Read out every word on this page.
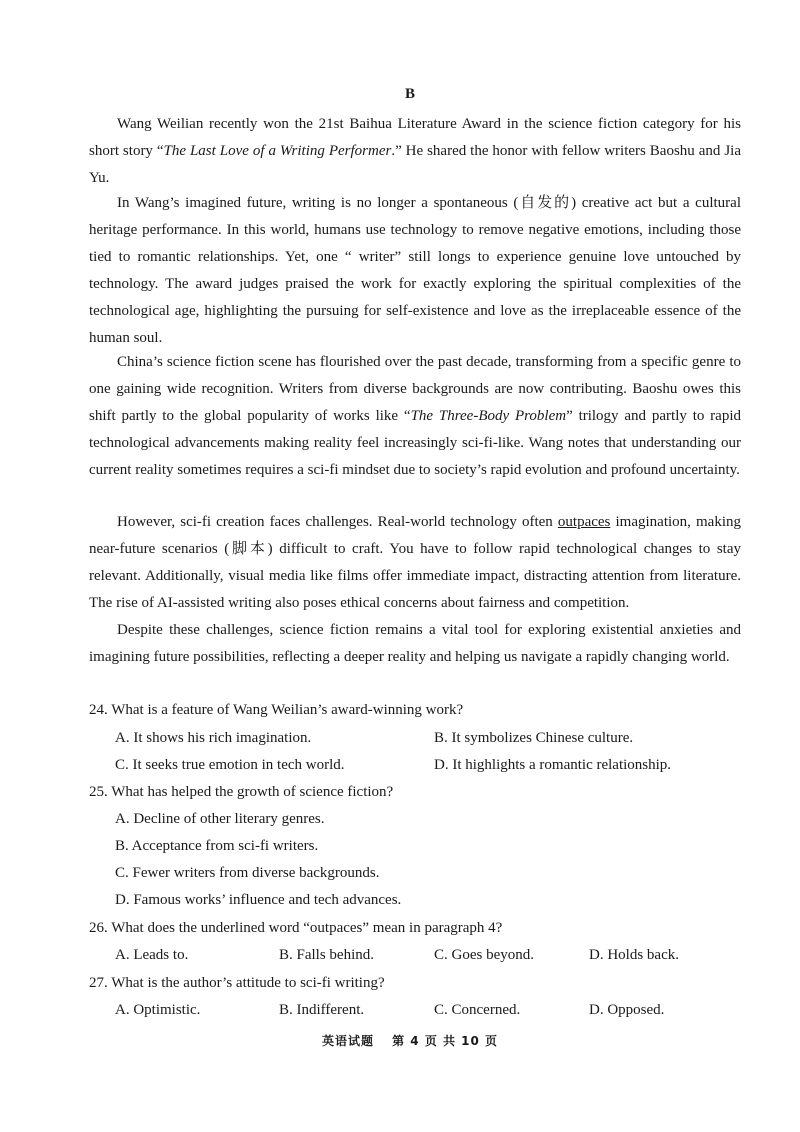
B

Wang Weilian recently won the 21st Baihua Literature Award in the science fiction category for his short story “The Last Love of a Writing Performer.” He shared the honor with fellow writers Baoshu and Jia Yu.

In Wang’s imagined future, writing is no longer a spontaneous (自发的) creative act but a cultural heritage performance. In this world, humans use technology to remove negative emotions, including those tied to romantic relationships. Yet, one “ writer” still longs to experience genuine love untouched by technology. The award judges praised the work for exactly exploring the spiritual complexities of the technological age, highlighting the pursuing for self-existence and love as the irreplaceable essence of the human soul.

China’s science fiction scene has flourished over the past decade, transforming from a specific genre to one gaining wide recognition. Writers from diverse backgrounds are now contributing. Baoshu owes this shift partly to the global popularity of works like “The Three-Body Problem” trilogy and partly to rapid technological advancements making reality feel increasingly sci-fi-like. Wang notes that understanding our current reality sometimes requires a sci-fi mindset due to society’s rapid evolution and profound uncertainty.

However, sci-fi creation faces challenges. Real-world technology often outpaces imagination, making near-future scenarios (脚本) difficult to craft. You have to follow rapid technological changes to stay relevant. Additionally, visual media like films offer immediate impact, distracting attention from literature. The rise of AI-assisted writing also poses ethical concerns about fairness and competition.

Despite these challenges, science fiction remains a vital tool for exploring existential anxieties and imagining future possibilities, reflecting a deeper reality and helping us navigate a rapidly changing world.

24. What is a feature of Wang Weilian’s award-winning work?
A. It shows his rich imagination.	B. It symbolizes Chinese culture.
C. It seeks true emotion in tech world.	D. It highlights a romantic relationship.
25. What has helped the growth of science fiction?
A. Decline of other literary genres.
B. Acceptance from sci-fi writers.
C. Fewer writers from diverse backgrounds.
D. Famous works’ influence and tech advances.
26. What does the underlined word “outpaces” mean in paragraph 4?
A. Leads to.	B. Falls behind.	C. Goes beyond.	D. Holds back.
27. What is the author’s attitude to sci-fi writing?
A. Optimistic.	B. Indifferent.	C. Concerned.	D. Opposed.
英语试题　 第 4 页 共 10 页
